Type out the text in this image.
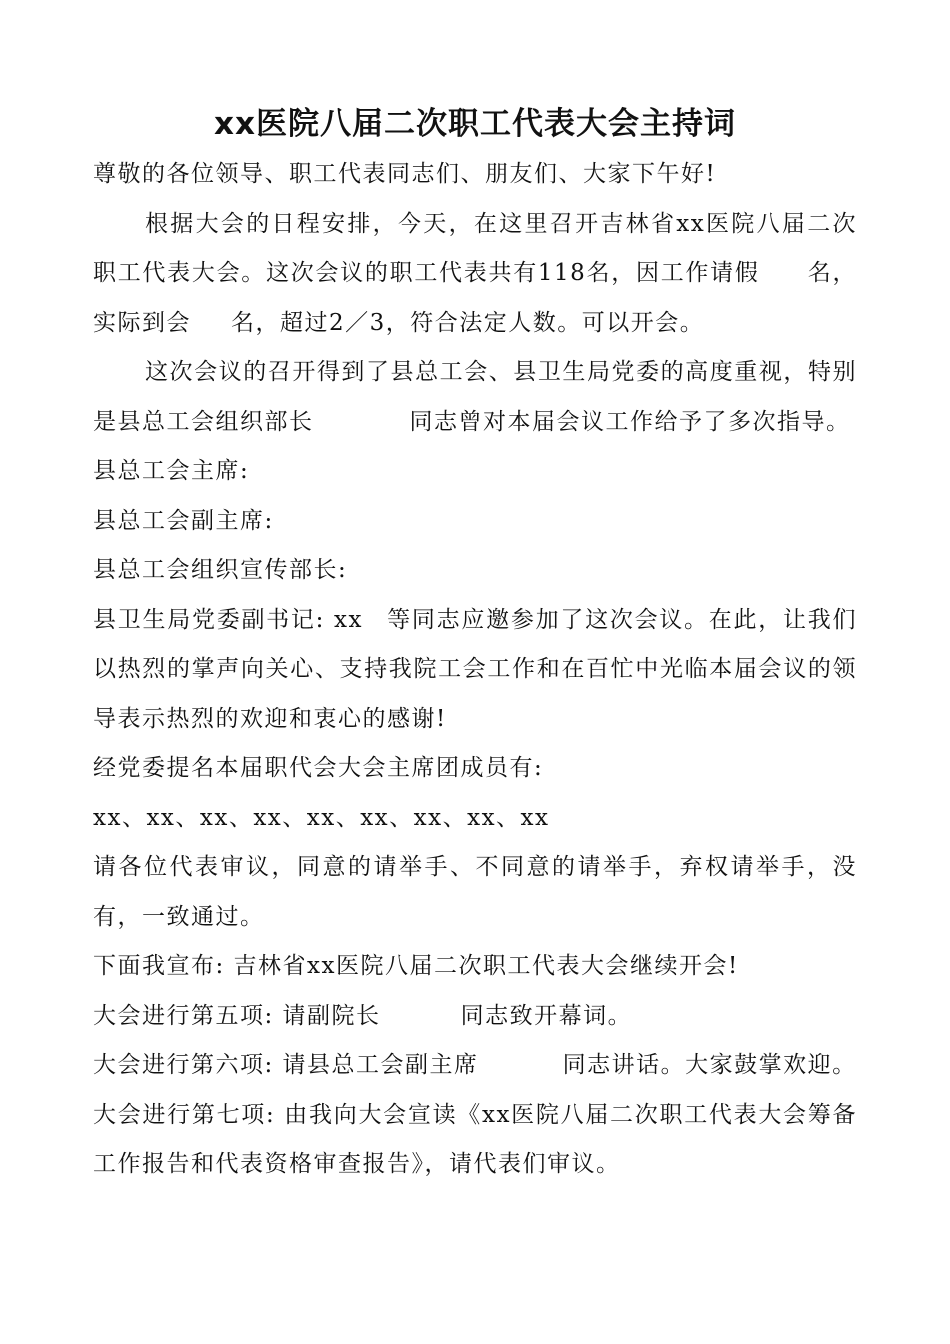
xx医院八届二次职工代表大会主持词

尊敬的各位领导、职工代表同志们、朋友们、大家下午好!

根据大会的日程安排，今天，在这里召开吉林省xx医院八届二次职工代表大会。这次会议的职工代表共有118名，因工作请假 名，实际到会 名，超过2／3，符合法定人数。可以开会。

这次会议的召开得到了县总工会、县卫生局党委的高度重视，特别是县总工会组织部长	同志曾对本届会议工作给予了多次指导。

县总工会主席:

县总工会副主席:

县总工会组织宣传部长:

县卫生局党委副书记: xx 等同志应邀参加了这次会议。在此，让我们以热烈的掌声向关心、支持我院工会工作和在百忙中光临本届会议的领导表示热烈的欢迎和衷心的感谢!

经党委提名本届职代会大会主席团成员有:

xx、xx、xx、xx、xx、xx、xx、xx、xx

请各位代表审议，同意的请举手、不同意的请举手，弃权请举手，没有，一致通过。

下面我宣布: 吉林省xx医院八届二次职工代表大会继续开会!

大会进行第五项: 请副院长	同志致开幕词。

大会进行第六项: 请县总工会副主席	同志讲话。大家鼓掌欢迎。

大会进行第七项: 由我向大会宣读《xx医院八届二次职工代表大会筹备工作报告和代表资格审查报告》，请代表们审议。
